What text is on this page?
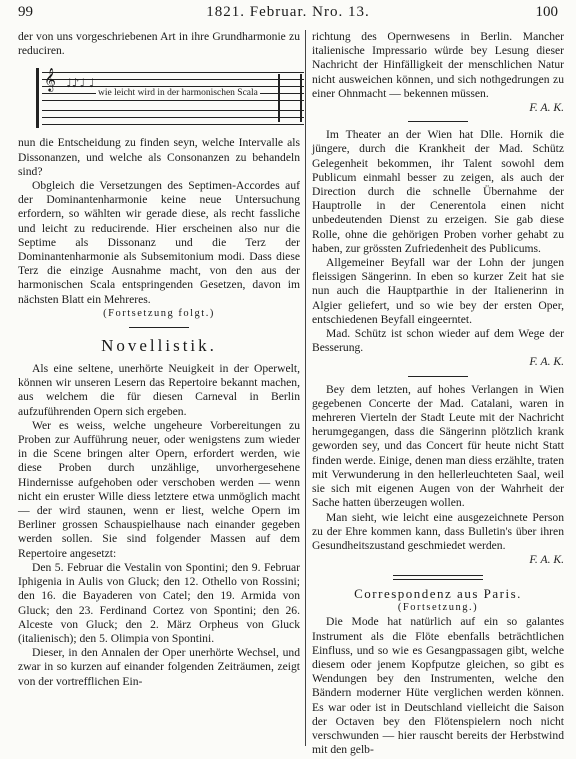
99	1821. Februar. Nro. 13.	100

der von uns vorgeschriebenen Art in ihre Grundharmonie zu reduciren.

𝄞 ♩♪♩ ♩
wie leicht wird in der harmonischen Scala

nun die Entscheidung zu finden seyn, welche Intervalle als Dissonanzen, und welche als Consonanzen zu behandeln sind?

Obgleich die Versetzungen des Septimen-Accordes auf der Dominantenharmonie keine neue Untersuchung erfordern, so wählten wir gerade diese, als recht fassliche und leicht zu reducirende. Hier erscheinen also nur die Septime als Dissonanz und die Terz der Dominantenharmonie als Subsemitonium modi. Dass diese Terz die einzige Ausnahme macht, von den aus der harmonischen Scala entspringenden Gesetzen, davon im nächsten Blatt ein Mehreres.

(Fortsetzung folgt.)

Novellistik.

Als eine seltene, unerhörte Neuigkeit in der Operwelt, können wir unseren Lesern das Repertoire bekannt machen, aus welchem die für diesen Carneval in Berlin aufzuführenden Opern sich ergeben.

Wer es weiss, welche ungeheure Vorbereitungen zu Proben zur Aufführung neuer, oder wenigstens zum wieder in die Scene bringen alter Opern, erfordert werden, wie diese Proben durch unzählige, unvorhergesehene Hindernisse aufgehoben oder verschoben werden — wenn nicht ein eruster Wille diess letztere etwa unmöglich macht — der wird staunen, wenn er liest, welche Opern im Berliner grossen Schauspielhause nach einander gegeben werden sollen. Sie sind folgender Massen auf dem Repertoire angesetzt:

Den 5. Februar die Vestalin von Spontini; den 9. Februar Iphigenia in Aulis von Gluck; den 12. Othello von Rossini; den 16. die Bayaderen von Catel; den 19. Armida von Gluck; den 23. Ferdinand Cortez von Spontini; den 26. Alceste von Gluck; den 2. März Orpheus von Gluck (italienisch); den 5. Olimpia von Spontini.

Dieser, in den Annalen der Oper unerhörte Wechsel, und zwar in so kurzen auf einander folgenden Zeiträumen, zeigt von der vortrefflichen Ein-

richtung des Opernwesens in Berlin. Mancher italienische Impressario würde bey Lesung dieser Nachricht der Hinfälligkeit der menschlichen Natur nicht ausweichen können, und sich nothgedrungen zu einer Ohnmacht — bekennen müssen.

F. A. K.

Im Theater an der Wien hat Dlle. Hornik die jüngere, durch die Krankheit der Mad. Schütz Gelegenheit bekommen, ihr Talent sowohl dem Publicum einmahl besser zu zeigen, als auch der Direction durch die schnelle Übernahme der Hauptrolle in der Cenerentola einen nicht unbedeutenden Dienst zu erzeigen. Sie gab diese Rolle, ohne die gehörigen Proben vorher gehabt zu haben, zur grössten Zufriedenheit des Publicums.

Allgemeiner Beyfall war der Lohn der jungen fleissigen Sängerinn. In eben so kurzer Zeit hat sie nun auch die Hauptparthie in der Italienerinn in Algier geliefert, und so wie bey der ersten Oper, entschiedenen Beyfall eingeerntet.

Mad. Schütz ist schon wieder auf dem Wege der Besserung.

F. A. K.

Bey dem letzten, auf hohes Verlangen in Wien gegebenen Concerte der Mad. Catalani, waren in mehreren Vierteln der Stadt Leute mit der Nachricht herumgegangen, dass die Sängerinn plötzlich krank geworden sey, und das Concert für heute nicht Statt finden werde. Einige, denen man diess erzählte, traten mit Verwunderung in den hellerleuchteten Saal, weil sie sich mit eigenen Augen von der Wahrheit der Sache hatten überzeugen wollen.

Man sieht, wie leicht eine ausgezeichnete Person zu der Ehre kommen kann, dass Bulletin's über ihren Gesundheitszustand geschmiedet werden.

F. A. K.

Correspondenz aus Paris.
(Fortsetzung.)

Die Mode hat natürlich auf ein so galantes Instrument als die Flöte ebenfalls beträchtlichen Einfluss, und so wie es Gesangpassagen gibt, welche diesem oder jenem Kopfputze gleichen, so gibt es Wendungen bey den Instrumenten, welche den Bändern moderner Hüte verglichen werden können. Es war oder ist in Deutschland vielleicht die Saison der Octaven bey den Flötenspielern noch nicht verschwunden — hier rauscht bereits der Herbstwind mit den gelb-
